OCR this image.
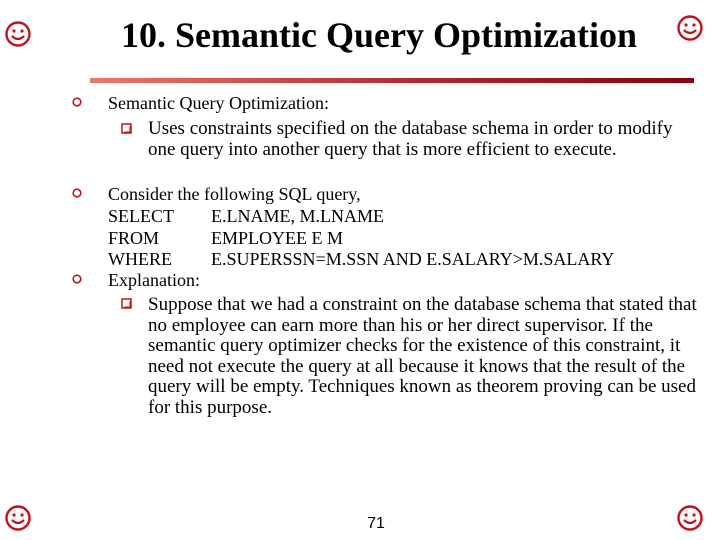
10. Semantic Query Optimization
Semantic Query Optimization:
Uses constraints specified on the database schema in order to modify one query into another query that is more efficient to execute.
Consider the following SQL query,
SELECT E.LNAME, M.LNAME
FROM	EMPLOYEE E M
WHERE E.SUPERSSN=M.SSN AND E.SALARY>M.SALARY
Explanation:
Suppose that we had a constraint on the database schema that stated that no employee can earn more than his or her direct supervisor. If the semantic query optimizer checks for the existence of this constraint, it need not execute the query at all because it knows that the result of the query will be empty. Techniques known as theorem proving can be used for this purpose.
71
